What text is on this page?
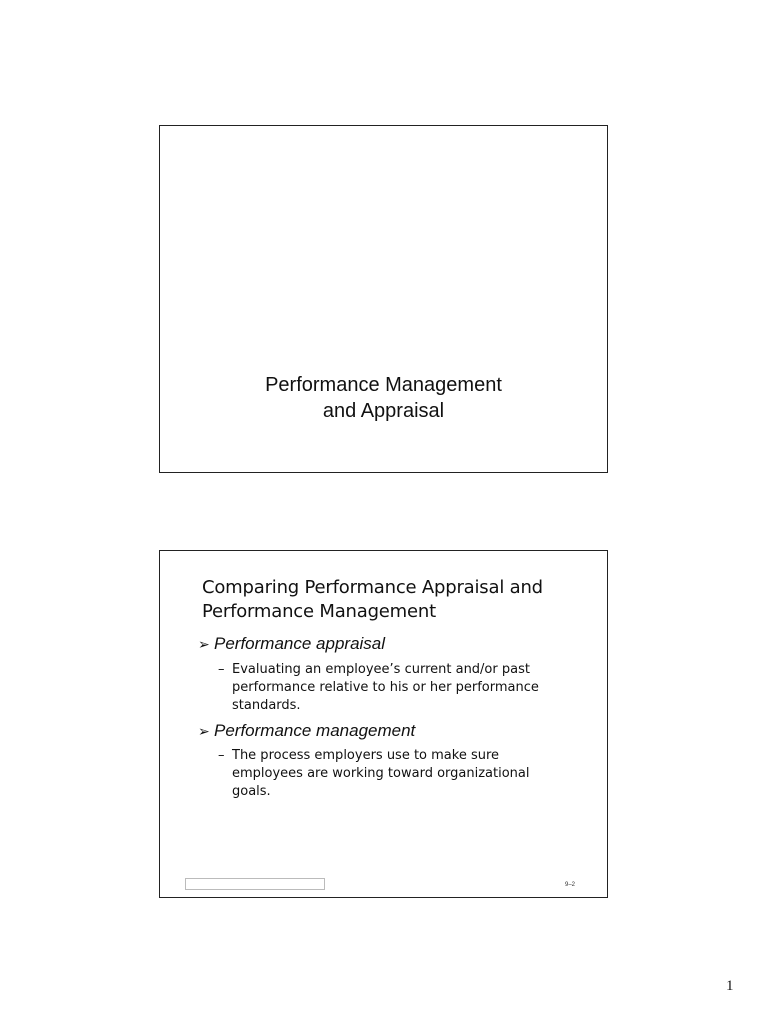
Performance Management
and Appraisal
Comparing Performance Appraisal and
Performance Management
➢ Performance appraisal
– Evaluating an employee’s current and/or past
performance relative to his or her performance
standards.
➢ Performance management
– The process employers use to make sure
employees are working toward organizational
goals.
9–2
1
